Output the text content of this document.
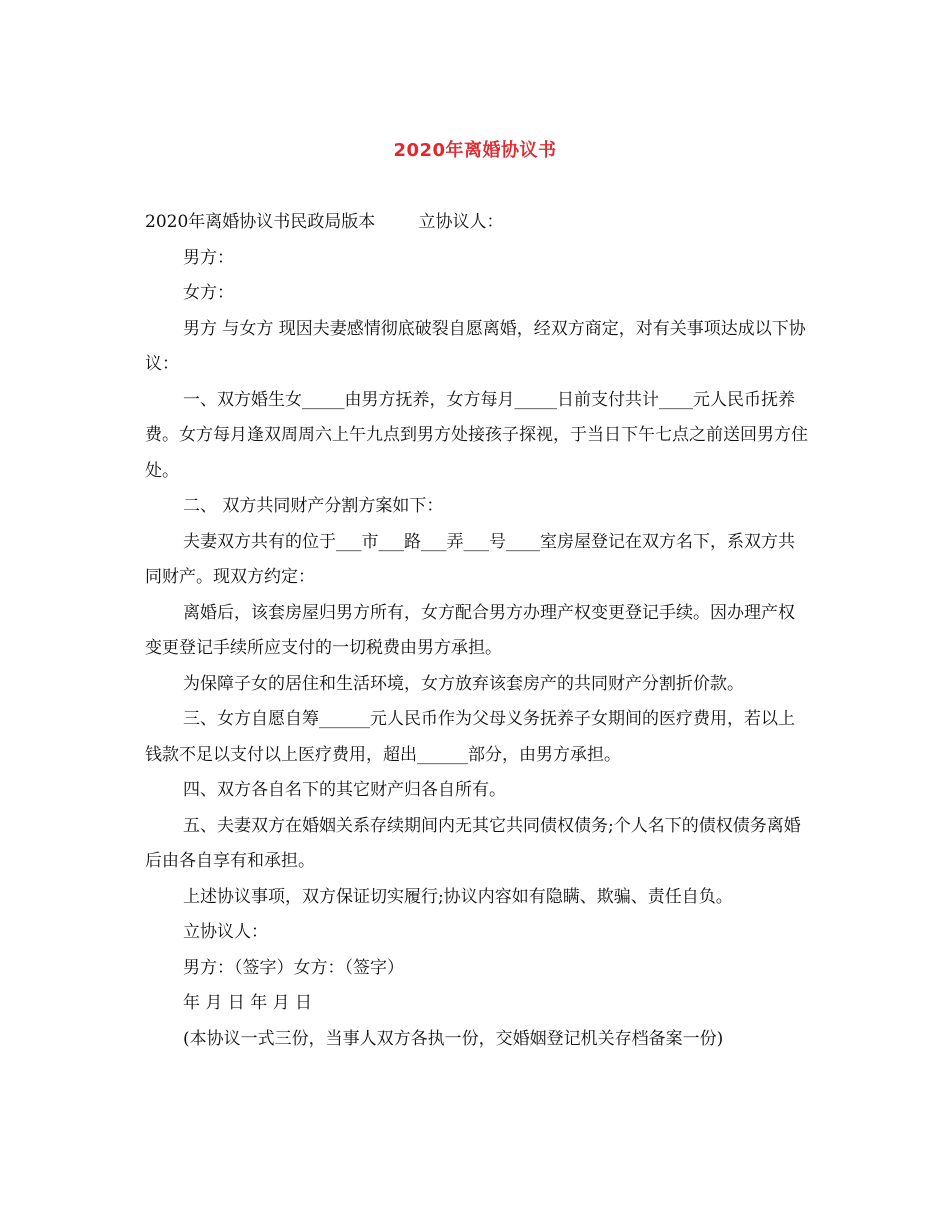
2020年离婚协议书

2020年离婚协议书民政局版本	立协议人：

男方：

女方：

男方 与女方 现因夫妻感情彻底破裂自愿离婚，经双方商定，对有关事项达成以下协议：

一、双方婚生女_____由男方抚养，女方每月_____日前支付共计____元人民币抚养费。女方每月逢双周周六上午九点到男方处接孩子探视，于当日下午七点之前送回男方住处。

二、 双方共同财产分割方案如下：

夫妻双方共有的位于___市___路___弄___号____室房屋登记在双方名下，系双方共同财产。现双方约定：

离婚后，该套房屋归男方所有，女方配合男方办理产权变更登记手续。因办理产权变更登记手续所应支付的一切税费由男方承担。

为保障子女的居住和生活环境，女方放弃该套房产的共同财产分割折价款。

三、女方自愿自筹______元人民币作为父母义务抚养子女期间的医疗费用，若以上钱款不足以支付以上医疗费用，超出______部分，由男方承担。

四、双方各自名下的其它财产归各自所有。

五、夫妻双方在婚姻关系存续期间内无其它共同债权债务;个人名下的债权债务离婚后由各自享有和承担。

上述协议事项，双方保证切实履行;协议内容如有隐瞒、欺骗、责任自负。

立协议人：

男方：（签字）女方：（签字）

年 月 日 年 月 日

(本协议一式三份，当事人双方各执一份，交婚姻登记机关存档备案一份)
